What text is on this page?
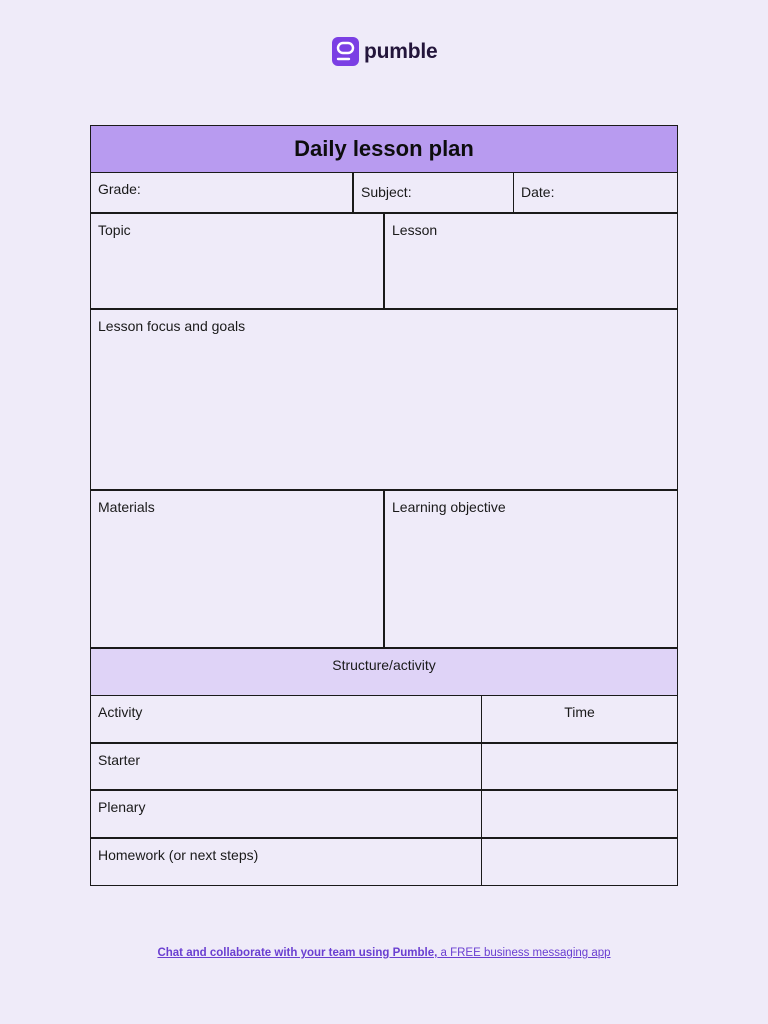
pumble
Daily lesson plan
Grade:	Subject:	Date:
Topic	Lesson
Lesson focus and goals
Materials	Learning objective
Structure/activity
Activity	Time
Starter
Plenary
Homework (or next steps)
Chat and collaborate with your team using Pumble, a FREE business messaging app
